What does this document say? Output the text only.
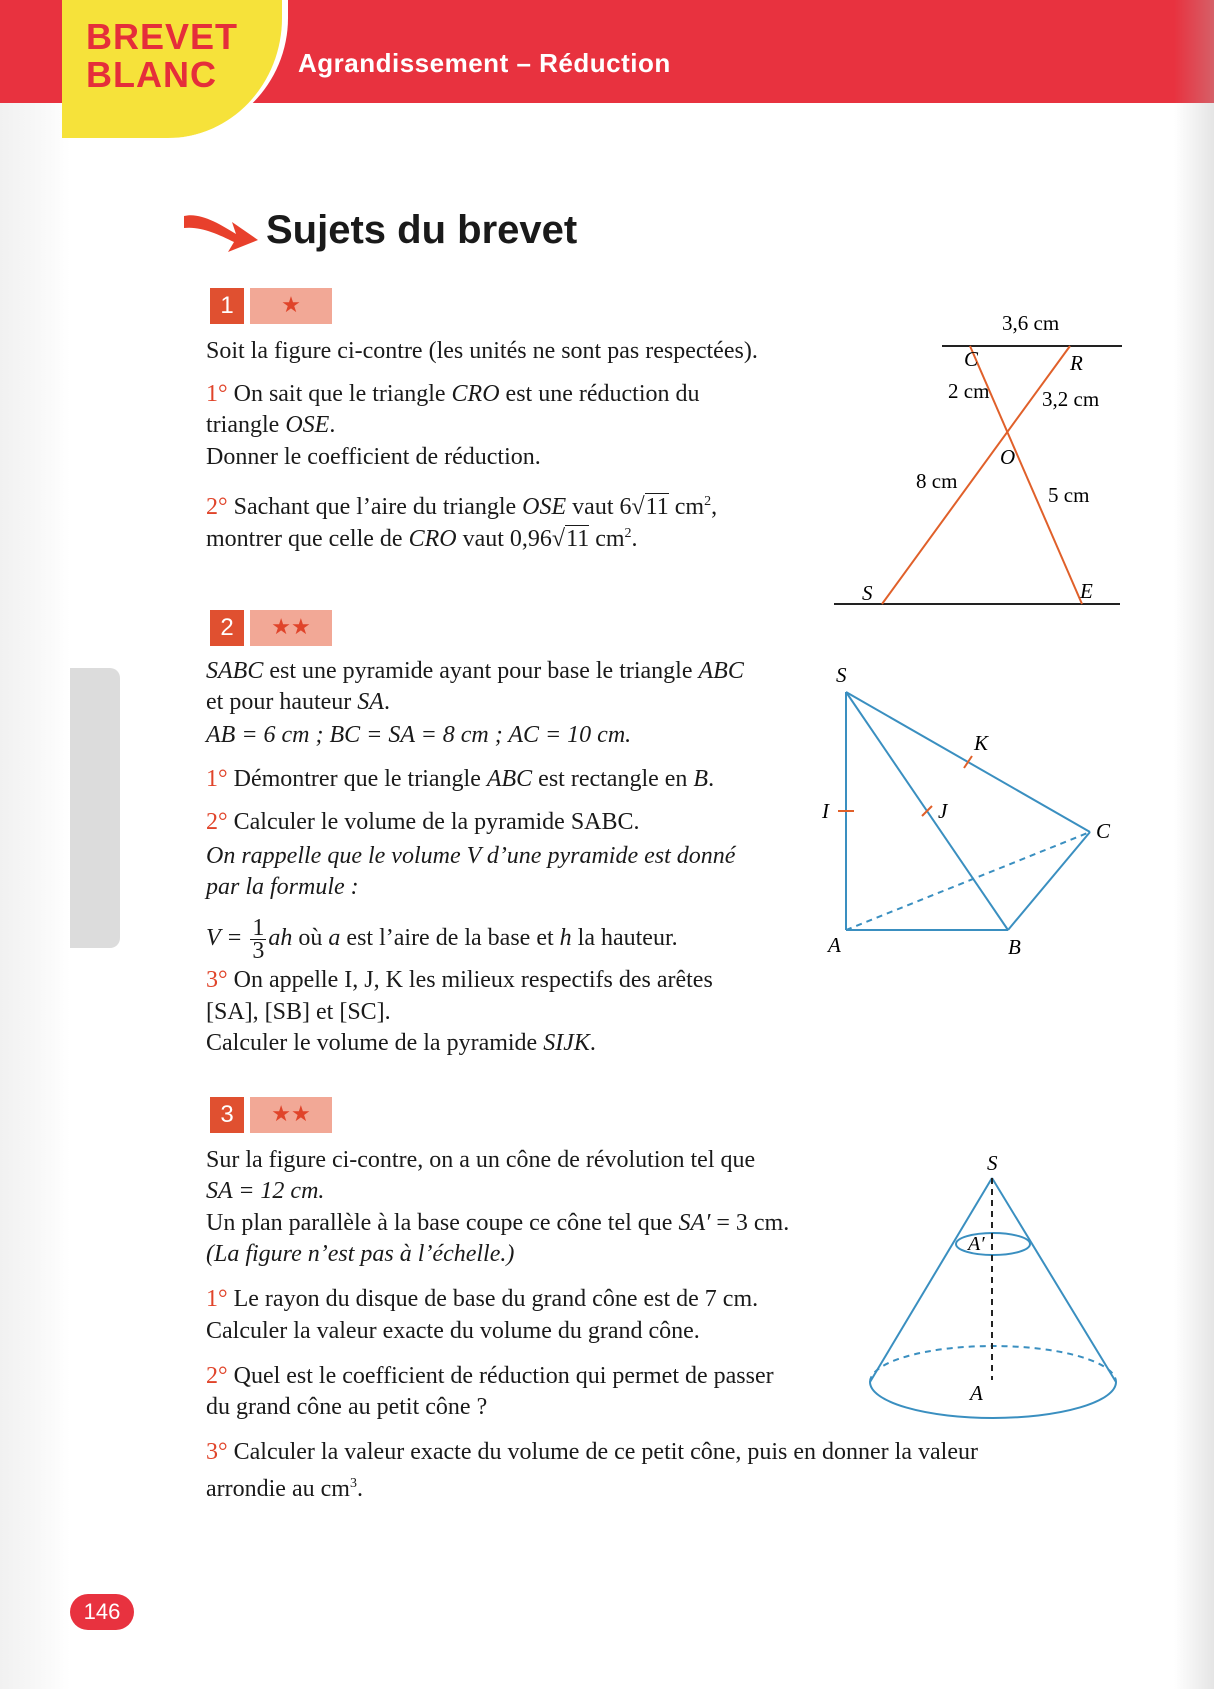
BREVET
BLANC	Agrandissement – Réduction
Sujets du brevet
1	★
Soit la figure ci-contre (les unités ne sont pas respectées).
1° On sait que le triangle CRO est une réduction du
triangle OSE.
Donner le coefficient de réduction.
2° Sachant que l’aire du triangle OSE vaut 6√11 $cm^2$,
montrer que celle de CRO vaut 0,96√11 $cm^2$.
3,6 cm
C	R
O
S	E
2 cm	3,2 cm
8 cm
5 cm
2	★★
SABC est une pyramide ayant pour base le triangle ABC
et pour hauteur SA.
AB = 6 cm ; BC = SA = 8 cm ; AC = 10 cm.
1° Démontrer que le triangle ABC est rectangle en B.
2° Calculer le volume de la pyramide SABC.
On rappelle que le volume V d’une pyramide est donné
par la formule :
$V = \frac{1}{3}$ ah où a est l’aire de la base et h la hauteur.
3° On appelle I, J, K les milieux respectifs des arêtes
[SA], [SB] et [SC].
Calculer le volume de la pyramide SIJK.
S
A	B
C
I	J
K
3	★★
Sur la figure ci-contre, on a un cône de révolution tel que
SA = 12 cm.
Un plan parallèle à la base coupe ce cône tel que SA′ = 3 cm.
(La figure n’est pas à l’échelle.)
1° Le rayon du disque de base du grand cône est de 7 cm.
Calculer la valeur exacte du volume du grand cône.
2° Quel est le coefficient de réduction qui permet de passer
du grand cône au petit cône ?
3° Calculer la valeur exacte du volume de ce petit cône, puis en donner la valeur
arrondie au $cm^3$.
S
A′
A
146
